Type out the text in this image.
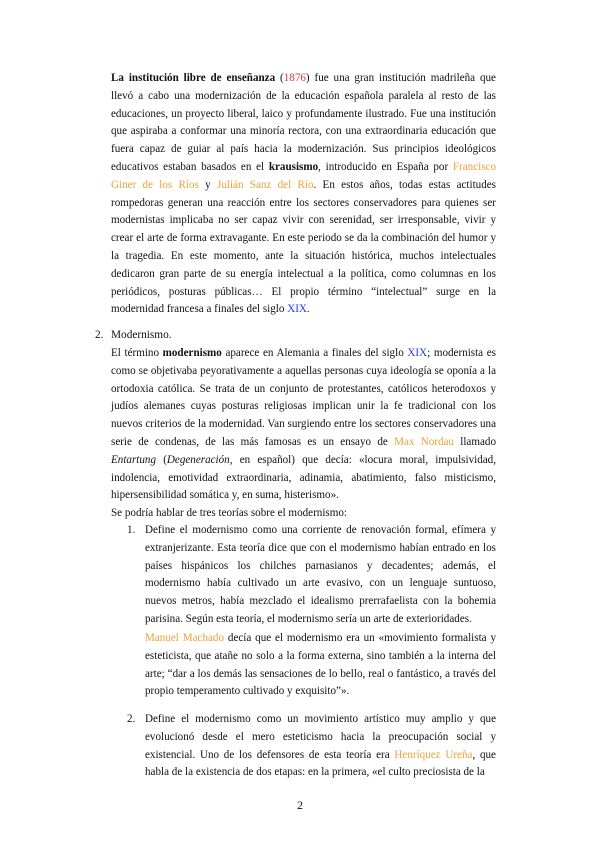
La institución libre de enseñanza (1876) fue una gran institución madrileña que llevó a cabo una modernización de la educación española paralela al resto de las educaciones, un proyecto liberal, laico y profundamente ilustrado. Fue una institución que aspiraba a conformar una minoría rectora, con una extraordinaria educación que fuera capaz de guiar al país hacia la modernización. Sus principios ideológicos educativos estaban basados en el krausismo, introducido en España por Francisco Giner de los Ríos y Julián Sanz del Río. En estos años, todas estas actitudes rompedoras generan una reacción entre los sectores conservadores para quienes ser modernistas implicaba no ser capaz vivir con serenidad, ser irresponsable, vivir y crear el arte de forma extravagante. En este periodo se da la combinación del humor y la tragedia. En este momento, ante la situación histórica, muchos intelectuales dedicaron gran parte de su energía intelectual a la política, como columnas en los periódicos, posturas públicas… El propio término “intelectual” surge en la modernidad francesa a finales del siglo XIX.
2. Modernismo.
El término modernismo aparece en Alemania a finales del siglo XIX; modernista es como se objetivaba peyorativamente a aquellas personas cuya ideología se oponía a la ortodoxia católica. Se trata de un conjunto de protestantes, católicos heterodoxos y judíos alemanes cuyas posturas religiosas implican unir la fe tradicional con los nuevos criterios de la modernidad. Van surgiendo entre los sectores conservadores una serie de condenas, de las más famosas es un ensayo de Max Nordau llamado Entartung (Degeneración, en español) que decía: «locura moral, impulsividad, indolencia, emotividad extraordinaria, adinamia, abatimiento, falso misticismo, hipersensibilidad somática y, en suma, histerismo».
Se podría hablar de tres teorías sobre el modernismo:
1. Define el modernismo como una corriente de renovación formal, efímera y extranjerizante. Esta teoría dice que con el modernismo habían entrado en los países hispánicos los chilches parnasianos y decadentes; además, el modernismo había cultivado un arte evasivo, con un lenguaje suntuoso, nuevos metros, había mezclado el idealismo prerrafaelista con la bohemia parisina. Según esta teoría, el modernismo sería un arte de exterioridades.
Manuel Machado decía que el modernismo era un «movimiento formalista y esteticista, que atañe no solo a la forma externa, sino también a la interna del arte; “dar a los demás las sensaciones de lo bello, real o fantástico, a través del propio temperamento cultivado y exquisito”».
2. Define el modernismo como un movimiento artístico muy amplio y que evolucionó desde el mero esteticismo hacia la preocupación social y existencial. Uno de los defensores de esta teoría era Henríquez Ureña, que habla de la existencia de dos etapas: en la primera, «el culto preciosista de la
2
